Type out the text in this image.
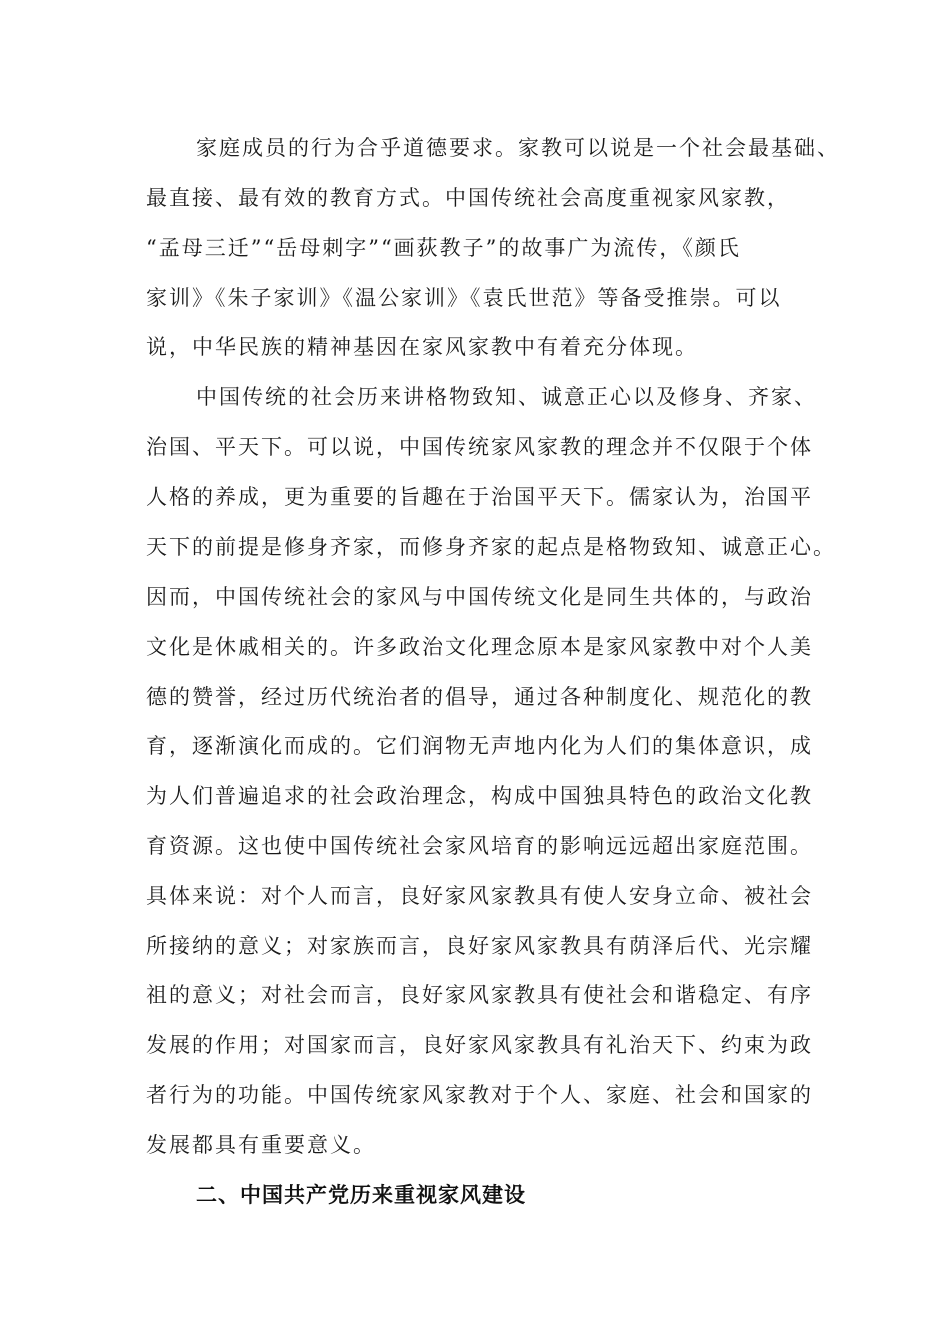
家庭成员的行为合乎道德要求。家教可以说是一个社会最基础、
最直接、最有效的教育方式。中国传统社会高度重视家风家教，
“孟母三迁”“岳母刺字”“画荻教子”的故事广为流传，《颜氏
家训》《朱子家训》《温公家训》《袁氏世范》等备受推崇。可以
说，中华民族的精神基因在家风家教中有着充分体现。
中国传统的社会历来讲格物致知、诚意正心以及修身、齐家、
治国、平天下。可以说，中国传统家风家教的理念并不仅限于个体
人格的养成，更为重要的旨趣在于治国平天下。儒家认为，治国平
天下的前提是修身齐家，而修身齐家的起点是格物致知、诚意正心。
因而，中国传统社会的家风与中国传统文化是同生共体的，与政治
文化是休戚相关的。许多政治文化理念原本是家风家教中对个人美
德的赞誉，经过历代统治者的倡导，通过各种制度化、规范化的教
育，逐渐演化而成的。它们润物无声地内化为人们的集体意识，成
为人们普遍追求的社会政治理念，构成中国独具特色的政治文化教
育资源。这也使中国传统社会家风培育的影响远远超出家庭范围。
具体来说：对个人而言，良好家风家教具有使人安身立命、被社会
所接纳的意义；对家族而言，良好家风家教具有荫泽后代、光宗耀
祖的意义；对社会而言，良好家风家教具有使社会和谐稳定、有序
发展的作用；对国家而言，良好家风家教具有礼治天下、约束为政
者行为的功能。中国传统家风家教对于个人、家庭、社会和国家的
发展都具有重要意义。
二、中国共产党历来重视家风建设
